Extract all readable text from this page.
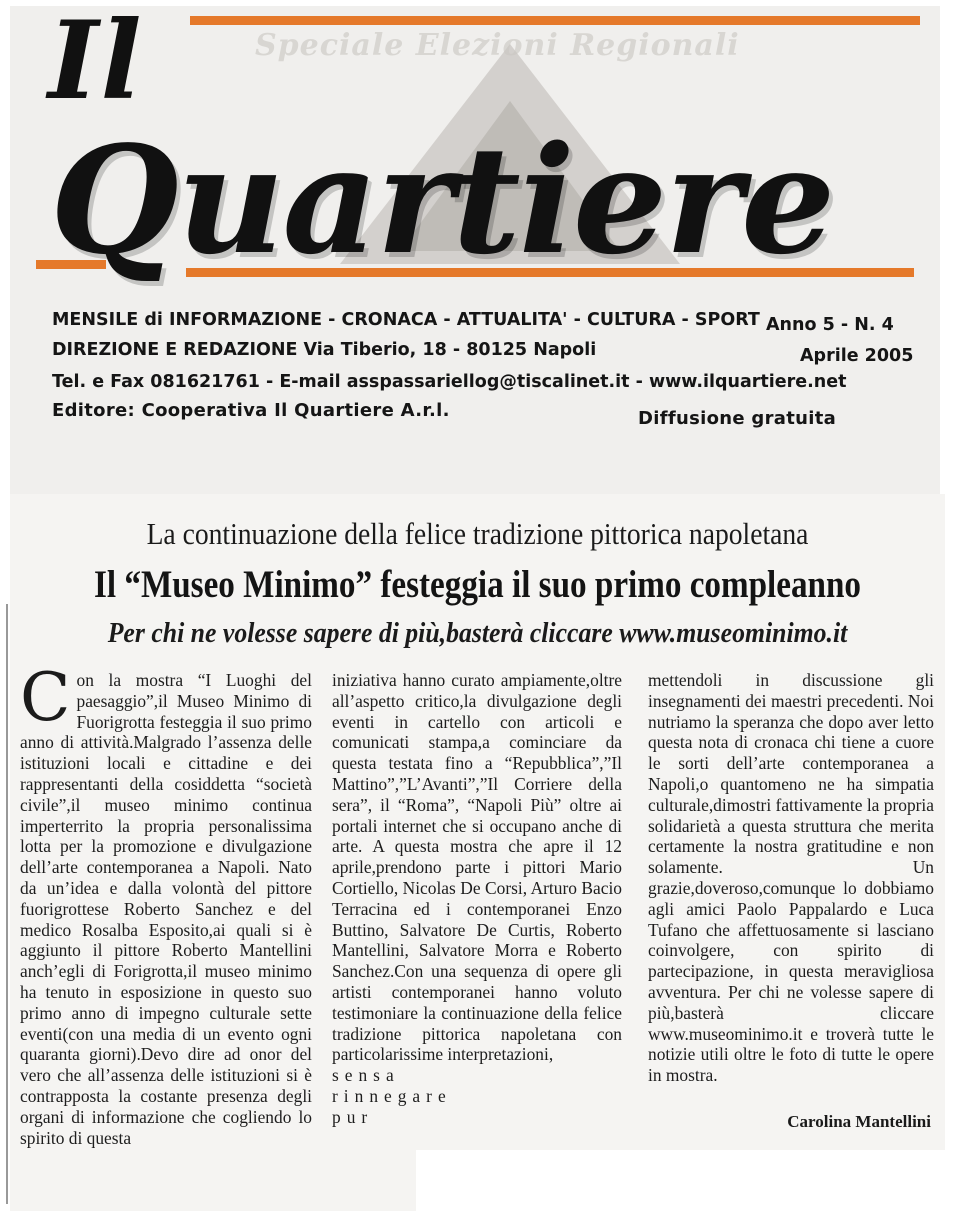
Speciale Elezioni Regionali
Il
Quartiere
MENSILE di INFORMAZIONE - CRONACA - ATTUALITA' - CULTURA - SPORT Anno 5 - N. 4
DIREZIONE E REDAZIONE Via Tiberio, 18 - 80125 Napoli	Aprile 2005
Tel. e Fax 081621761 - E-mail asspassariellog@tiscalinet.it - www.ilquartiere.net
Editore: Cooperativa Il Quartiere A.r.l.	Diffusione gratuita
La continuazione della felice tradizione pittorica napoletana
Il “Museo Minimo” festeggia il suo primo compleanno
Per chi ne volesse sapere di più,basterà cliccare www.museominimo.it
C on la mostra “I Luoghi del paesaggio”,il Museo Minimo di Fuorigrotta festeggia il suo primo anno di attività.Malgrado l’assenza delle istituzioni locali e cittadine e dei rappresentanti della cosiddetta “società civile”,il museo minimo continua imperterrito la propria personalissima lotta per la promozione e divulgazione dell’arte contemporanea a Napoli. Nato da un’idea e dalla volontà del pittore fuorigrottese Roberto Sanchez e del medico Rosalba Esposito,ai quali si è aggiunto il pittore Roberto Mantellini anch’egli di Forigrotta,il museo minimo ha tenuto in esposizione in questo suo primo anno di impegno culturale sette eventi(con una media di un evento ogni quaranta giorni).Devo dire ad onor del vero che all’assenza delle istituzioni si è contrapposta la costante presenza degli organi di informazione che cogliendo lo spirito di questa
iniziativa hanno curato ampiamente,oltre all’aspetto critico,la divulgazione degli eventi in cartello con articoli e comunicati stampa,a cominciare da questa testata fino a “Repubblica”,”Il Mattino”,”L’Avanti”,”Il Corriere della sera”, il “Roma”, “Napoli Più” oltre ai portali internet che si occupano anche di arte. A questa mostra che apre il 12 aprile,prendono parte i pittori Mario Cortiello, Nicolas De Corsi, Arturo Bacio Terracina ed i contemporanei Enzo Buttino, Salvatore De Curtis, Roberto Mantellini, Salvatore Morra e Roberto Sanchez.Con una sequenza di opere gli artisti contemporanei hanno voluto testimoniare la continuazione della felice tradizione pittorica napoletana con particolarissime interpretazioni,

sensa rinnegare pur

mettendoli in discussione gli insegnamenti dei maestri precedenti. Noi nutriamo la speranza che dopo aver letto questa nota di cronaca chi tiene a cuore le sorti dell’arte contemporanea a Napoli,o quantomeno ne ha simpatia culturale,dimostri fattivamente la propria solidarietà a questa struttura che merita certamente la nostra gratitudine e non solamente. Un grazie,doveroso,comunque lo dobbiamo agli amici Paolo Pappalardo e Luca Tufano che affettuosamente si lasciano coinvolgere, con spirito di partecipazione, in questa meravigliosa avventura. Per chi ne volesse sapere di più,basterà cliccare www.museominimo.it e troverà tutte le notizie utili oltre le foto di tutte le opere in mostra.
Carolina Mantellini
